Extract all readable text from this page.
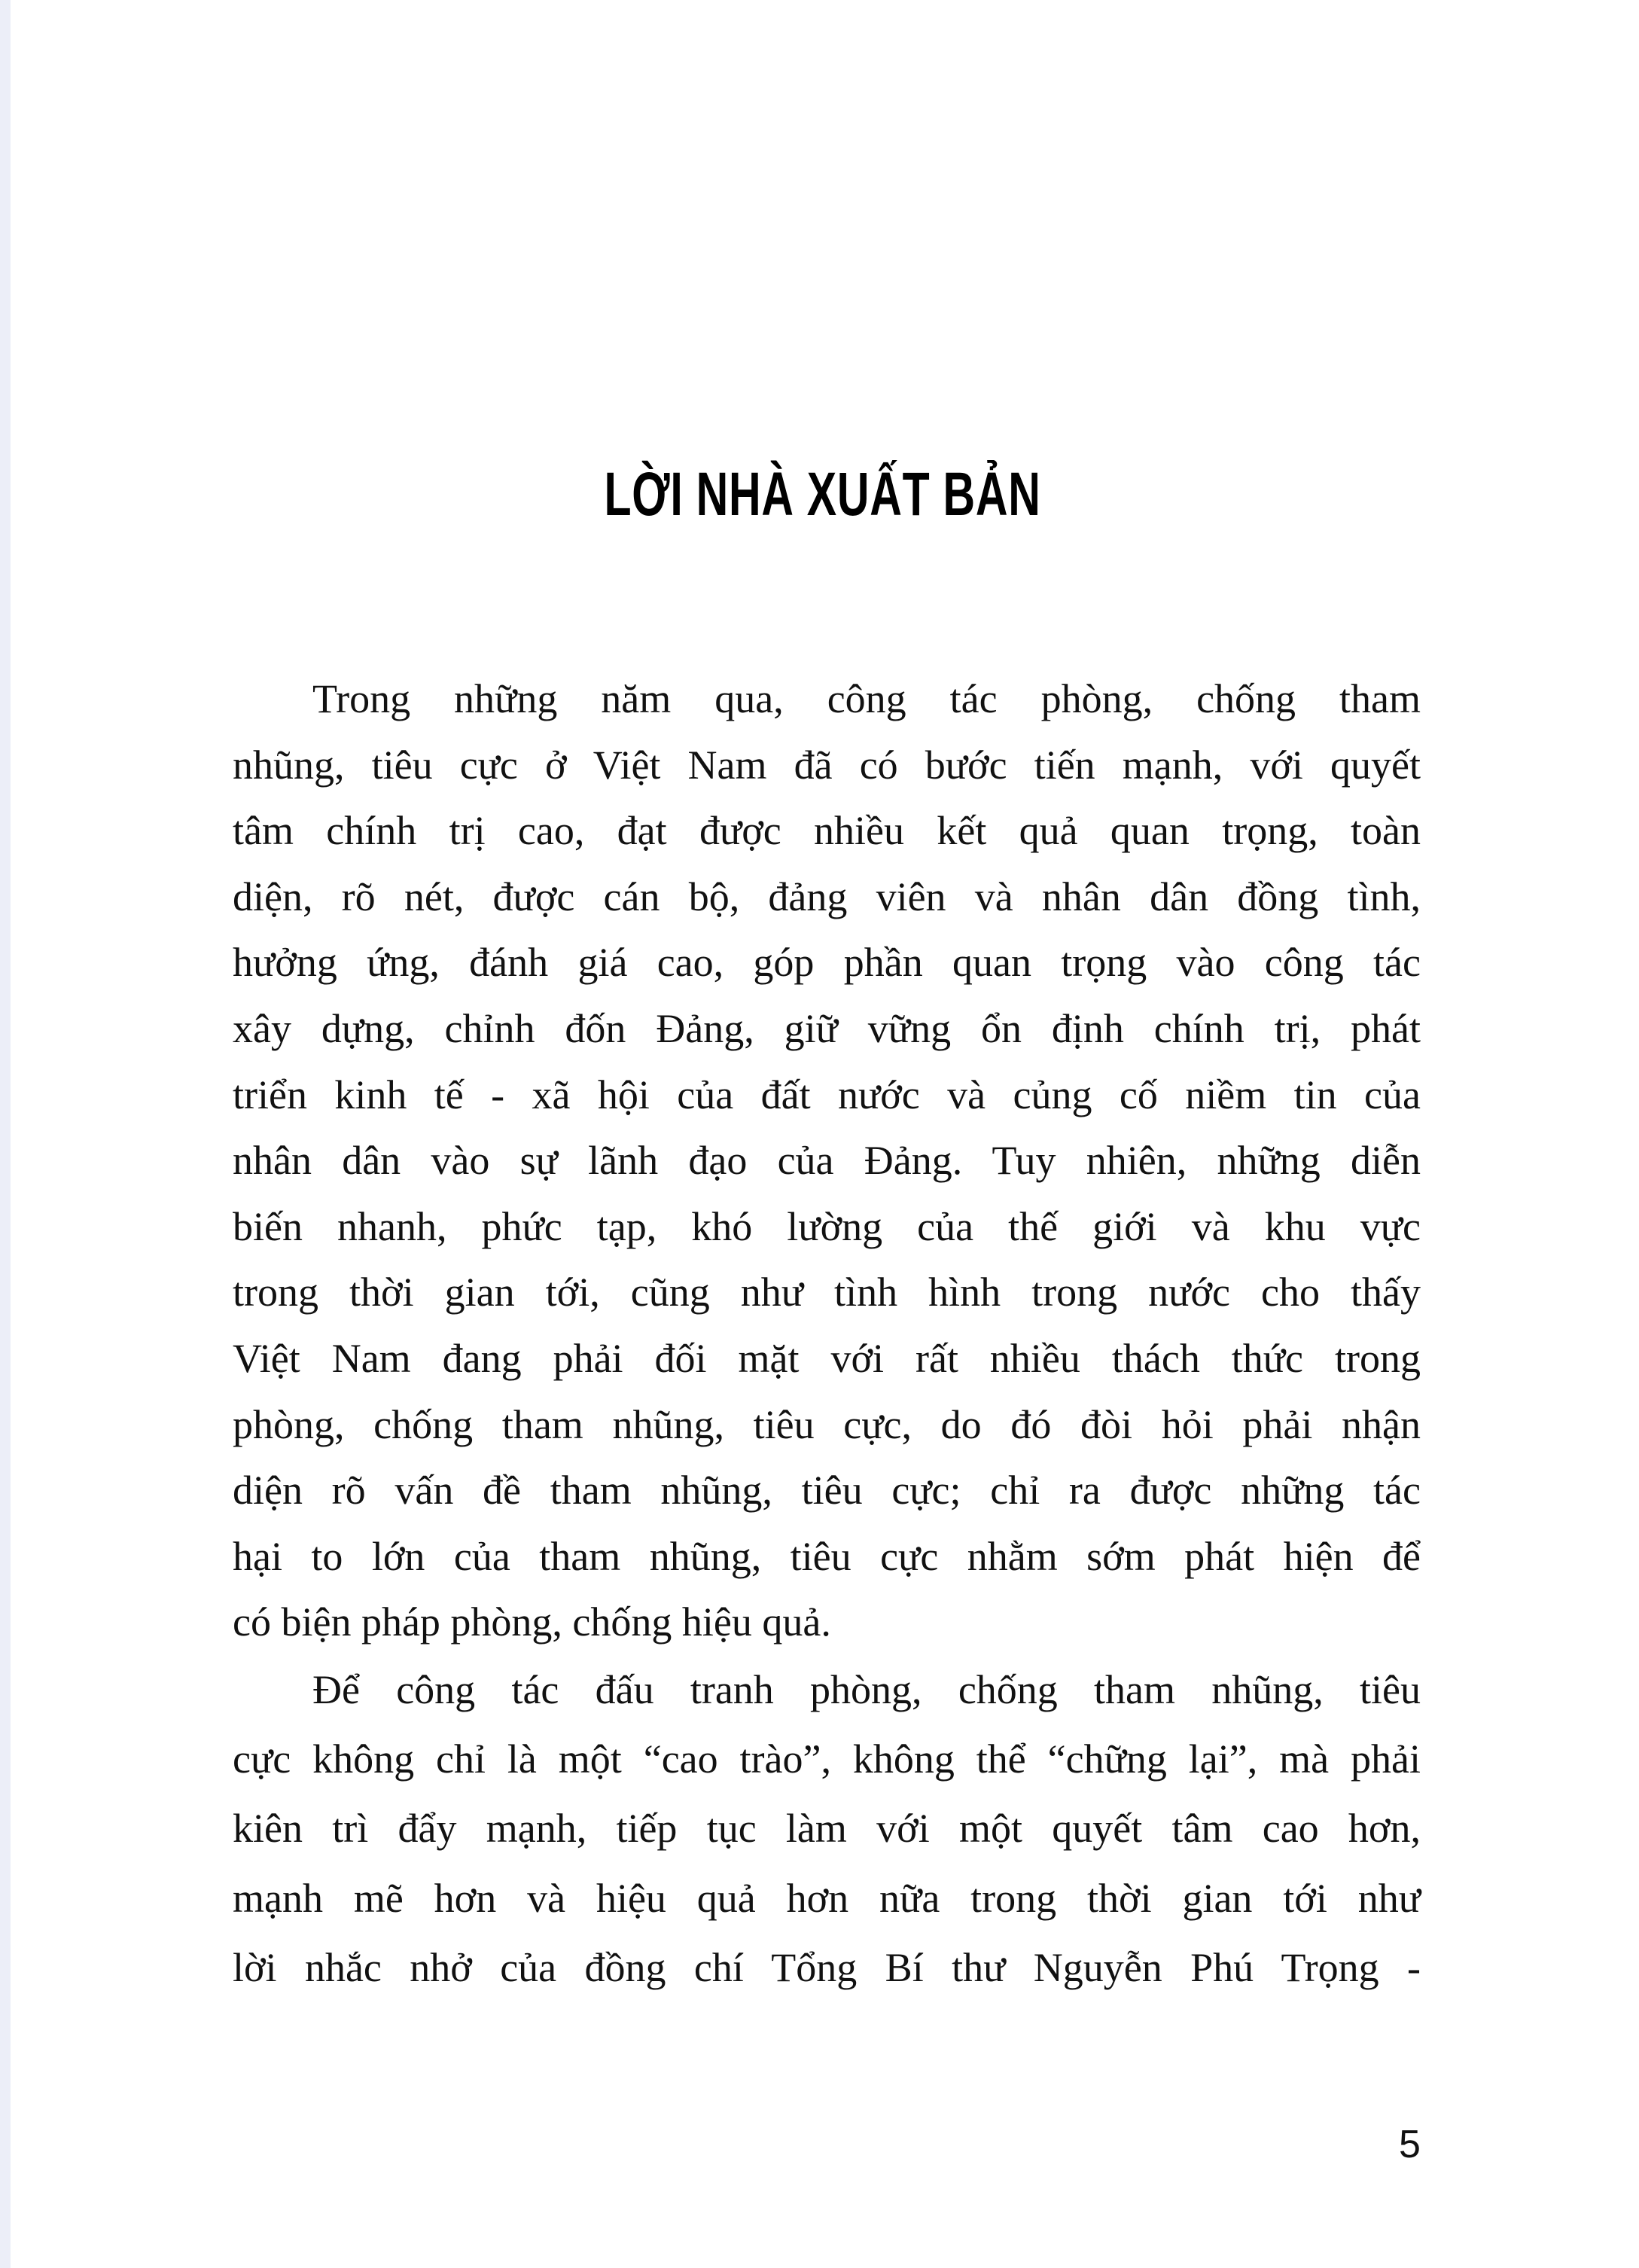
LỜI NHÀ XUẤT BẢN
Trong những năm qua, công tác phòng, chống tham
nhũng, tiêu cực ở Việt Nam đã có bước tiến mạnh, với quyết
tâm chính trị cao, đạt được nhiều kết quả quan trọng, toàn
diện, rõ nét, được cán bộ, đảng viên và nhân dân đồng tình,
hưởng ứng, đánh giá cao, góp phần quan trọng vào công tác
xây dựng, chỉnh đốn Đảng, giữ vững ổn định chính trị, phát
triển kinh tế - xã hội của đất nước và củng cố niềm tin của
nhân dân vào sự lãnh đạo của Đảng. Tuy nhiên, những diễn
biến nhanh, phức tạp, khó lường của thế giới và khu vực
trong thời gian tới, cũng như tình hình trong nước cho thấy
Việt Nam đang phải đối mặt với rất nhiều thách thức trong
phòng, chống tham nhũng, tiêu cực, do đó đòi hỏi phải nhận
diện rõ vấn đề tham nhũng, tiêu cực; chỉ ra được những tác
hại to lớn của tham nhũng, tiêu cực nhằm sớm phát hiện để
có biện pháp phòng, chống hiệu quả.
Để công tác đấu tranh phòng, chống tham nhũng, tiêu
cực không chỉ là một “cao trào”, không thể “chững lại”, mà phải
kiên trì đẩy mạnh, tiếp tục làm với một quyết tâm cao hơn,
mạnh mẽ hơn và hiệu quả hơn nữa trong thời gian tới như
lời nhắc nhở của đồng chí Tổng Bí thư Nguyễn Phú Trọng -
5
